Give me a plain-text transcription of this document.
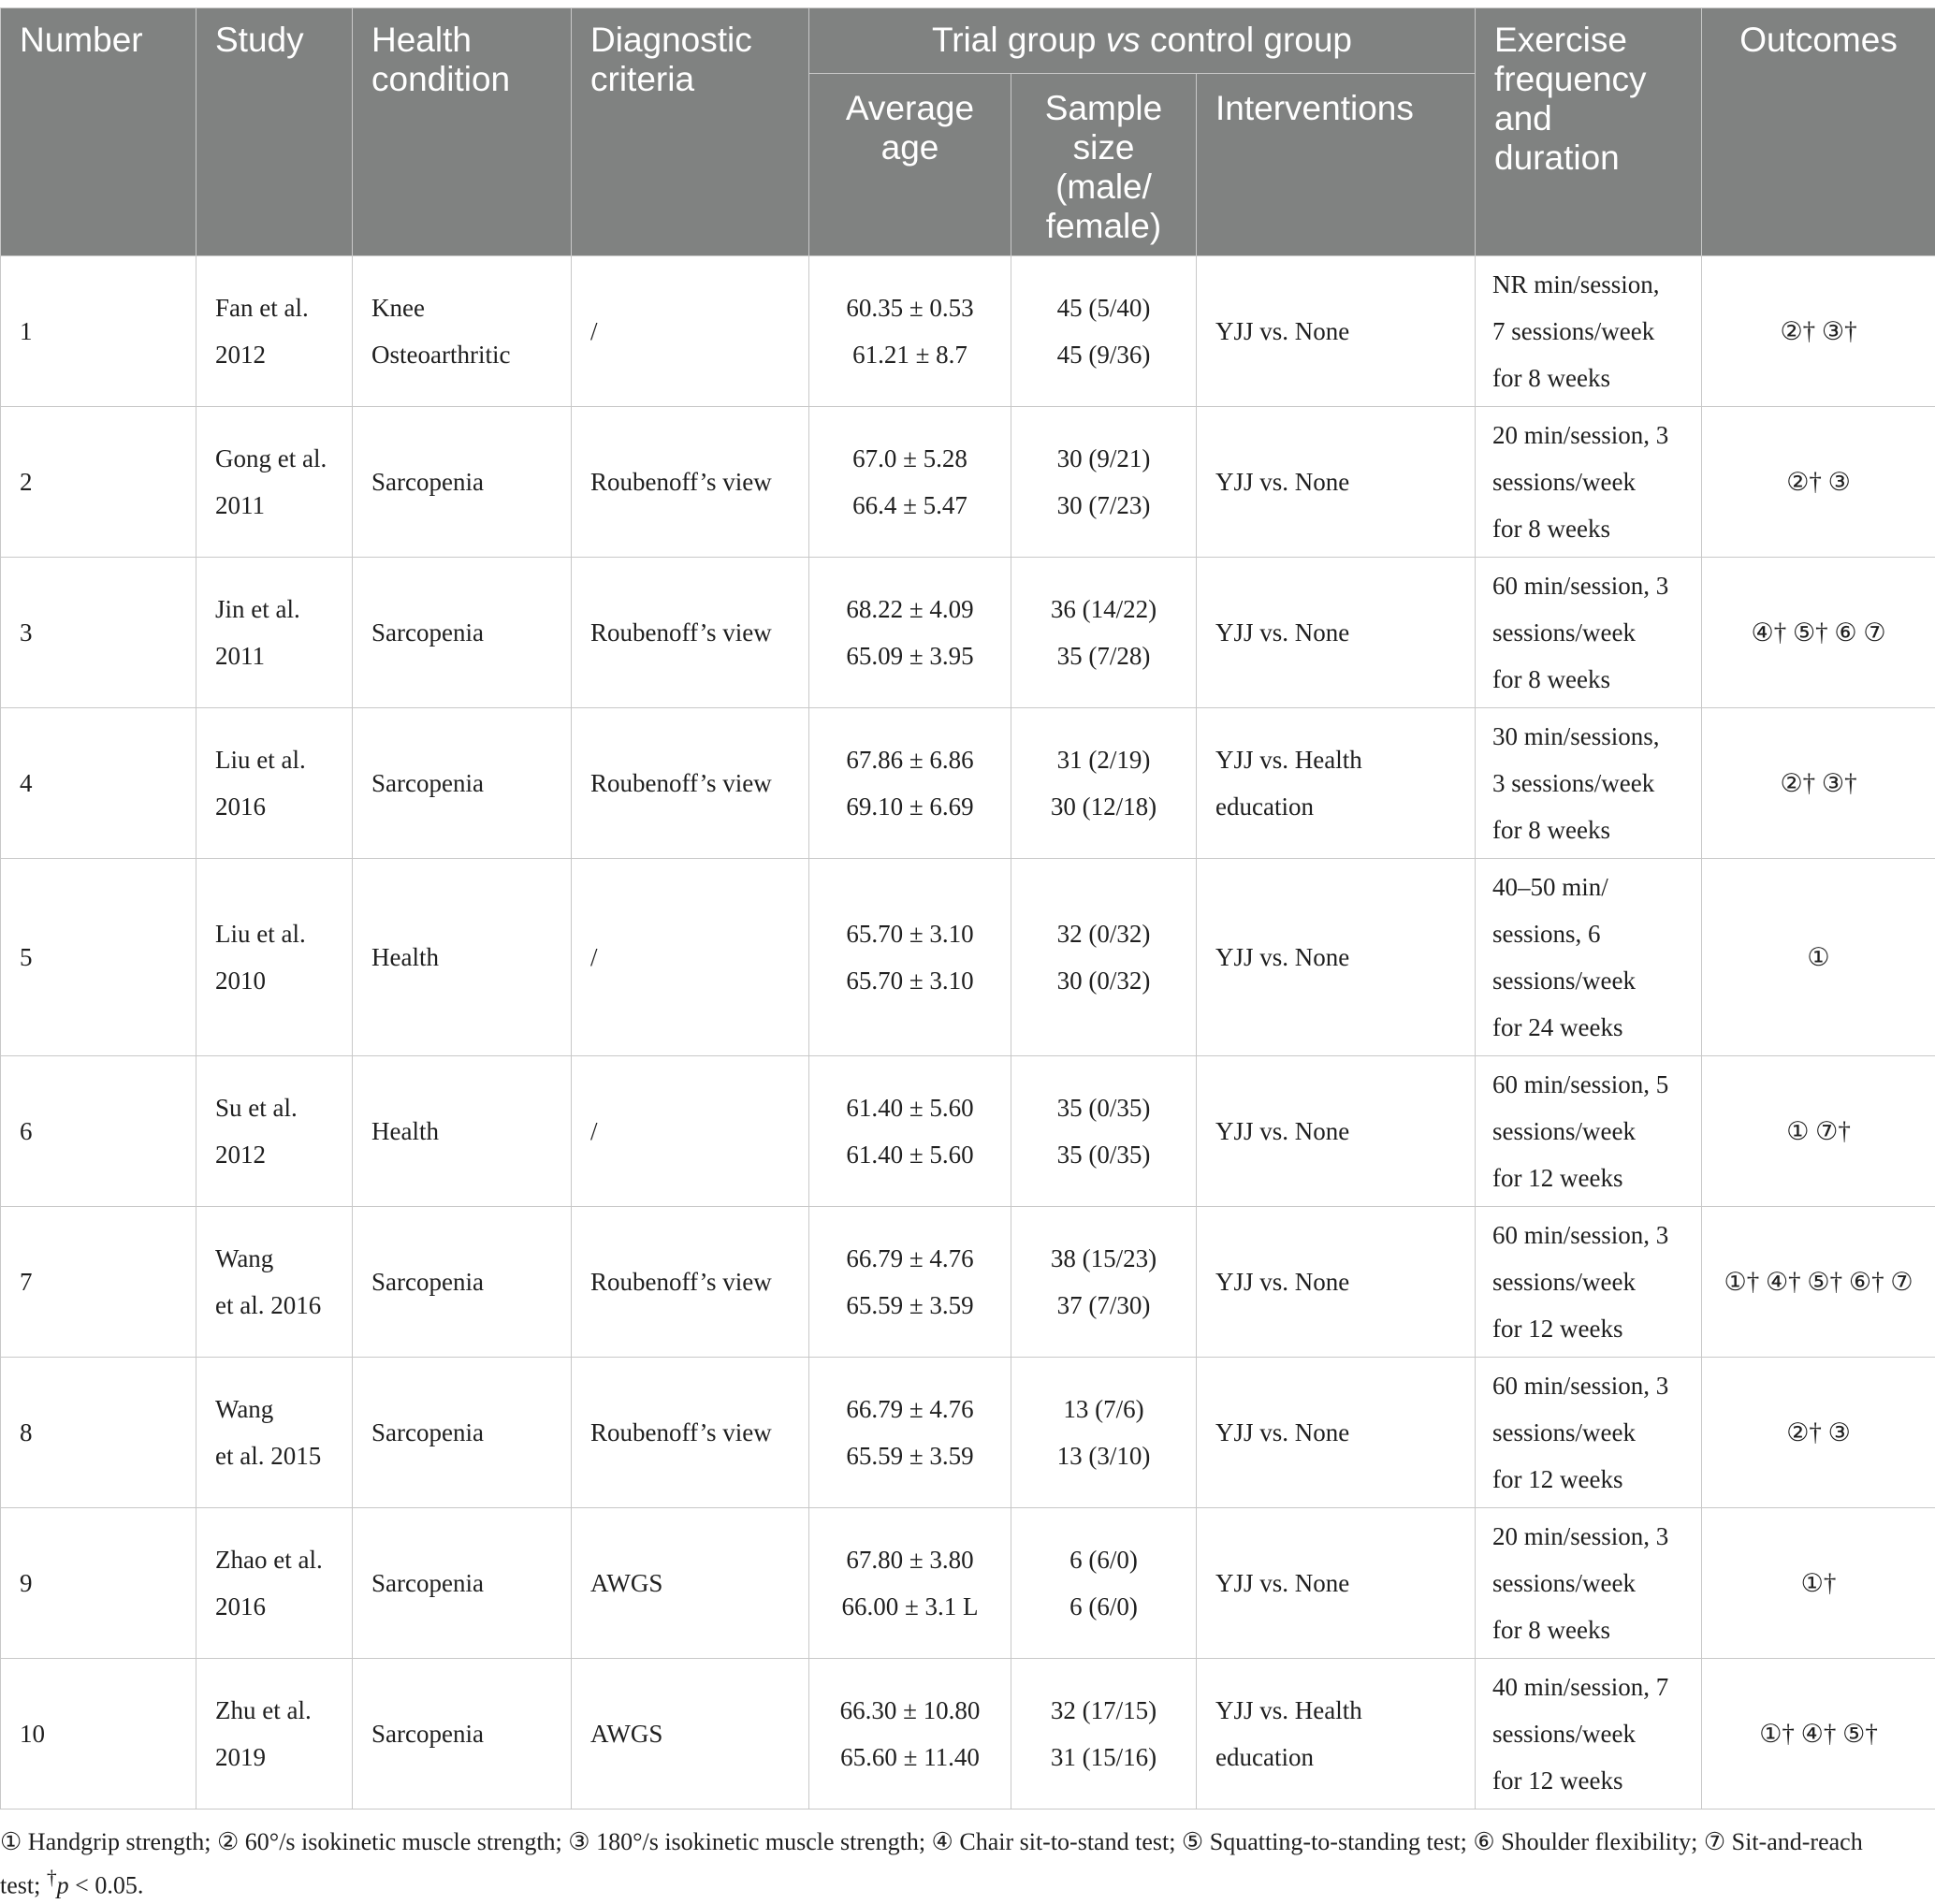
Number	Study	Health
condition	Diagnostic
criteria	Trial group vs control group			Exercise
frequency
and
duration	Outcomes
				Average
age	Sample
size
(male/
female)	Interventions		
1	Fan et al.
2012	Knee
Osteoarthritic	/	60.35 ± 0.53
61.21 ± 8.7	45 (5/40)
45 (9/36)	YJJ vs. None	NR min/session,
7 sessions/week
for 8 weeks	②† ③†
2	Gong et al.
2011	Sarcopenia	Roubenoff’s view	67.0 ± 5.28
66.4 ± 5.47	30 (9/21)
30 (7/23)	YJJ vs. None	20 min/session, 3
sessions/week
for 8 weeks	②† ③
3	Jin et al.
2011	Sarcopenia	Roubenoff’s view	68.22 ± 4.09
65.09 ± 3.95	36 (14/22)
35 (7/28)	YJJ vs. None	60 min/session, 3
sessions/week
for 8 weeks	④† ⑤† ⑥ ⑦
4	Liu et al.
2016	Sarcopenia	Roubenoff’s view	67.86 ± 6.86
69.10 ± 6.69	31 (2/19)
30 (12/18)	YJJ vs. Health
education	30 min/sessions,
3 sessions/week
for 8 weeks	②† ③†
5	Liu et al.
2010	Health	/	65.70 ± 3.10
65.70 ± 3.10	32 (0/32)
30 (0/32)	YJJ vs. None	40–50 min/
sessions, 6
sessions/week
for 24 weeks	①
6	Su et al.
2012	Health	/	61.40 ± 5.60
61.40 ± 5.60	35 (0/35)
35 (0/35)	YJJ vs. None	60 min/session, 5
sessions/week
for 12 weeks	① ⑦†
7	Wang
et al. 2016	Sarcopenia	Roubenoff’s view	66.79 ± 4.76
65.59 ± 3.59	38 (15/23)
37 (7/30)	YJJ vs. None	60 min/session, 3
sessions/week
for 12 weeks	①† ④† ⑤† ⑥† ⑦
8	Wang
et al. 2015	Sarcopenia	Roubenoff’s view	66.79 ± 4.76
65.59 ± 3.59	13 (7/6)
13 (3/10)	YJJ vs. None	60 min/session, 3
sessions/week
for 12 weeks	②† ③
9	Zhao et al.
2016	Sarcopenia	AWGS	67.80 ± 3.80
66.00 ± 3.1 L	6 (6/0)
6 (6/0)	YJJ vs. None	20 min/session, 3
sessions/week
for 8 weeks	①†
10	Zhu et al.
2019	Sarcopenia	AWGS	66.30 ± 10.80
65.60 ± 11.40	32 (17/15)
31 (15/16)	YJJ vs. Health
education	40 min/session, 7
sessions/week
for 12 weeks	①† ④† ⑤†
① Handgrip strength; ② 60°/s isokinetic muscle strength; ③ 180°/s isokinetic muscle strength; ④ Chair sit-to-stand test; ⑤ Squatting-to-standing test; ⑥ Shoulder flexibility; ⑦ Sit-and-reach test; †p < 0.05.
